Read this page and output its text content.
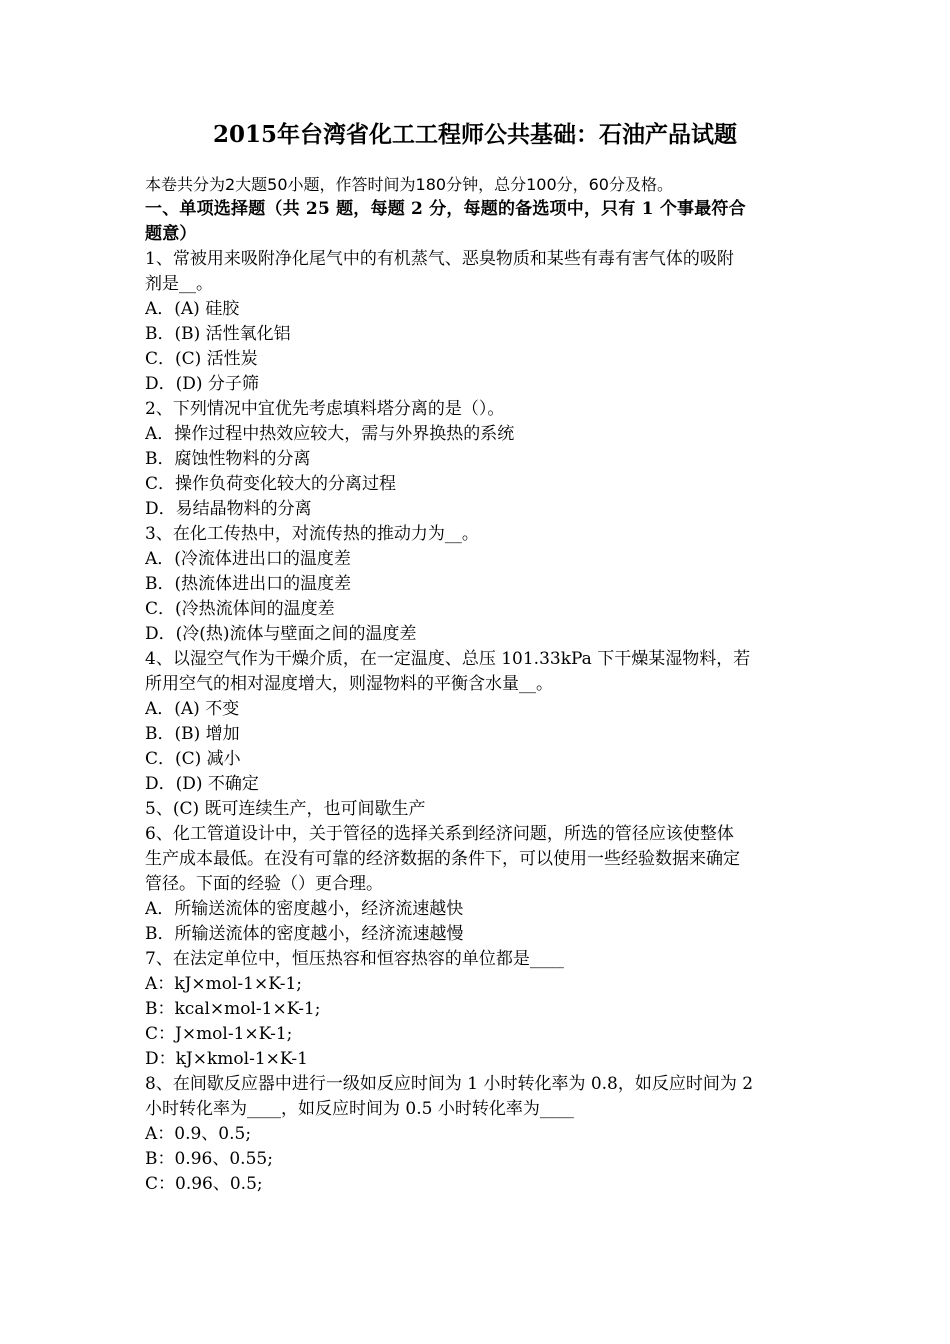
2015年台湾省化工工程师公共基础：石油产品试题
本卷共分为2大题50小题，作答时间为180分钟，总分100分，60分及格。
一、单项选择题（共 25 题，每题 2 分，每题的备选项中，只有 1 个事最符合
题意）
1、常被用来吸附净化尾气中的有机蒸气、恶臭物质和某些有毒有害气体的吸附
剂是__。
A．(A) 硅胶
B．(B) 活性氧化铝
C．(C) 活性炭
D．(D) 分子筛
2、下列情况中宜优先考虑填料塔分离的是（）。
A．操作过程中热效应较大，需与外界换热的系统
B．腐蚀性物料的分离
C．操作负荷变化较大的分离过程
D．易结晶物料的分离
3、在化工传热中，对流传热的推动力为__。
A．(冷流体进出口的温度差
B．(热流体进出口的温度差
C．(冷热流体间的温度差
D．(冷(热)流体与壁面之间的温度差
4、以湿空气作为干燥介质，在一定温度、总压 101.33kPa 下干燥某湿物料，若
所用空气的相对湿度增大，则湿物料的平衡含水量__。
A．(A) 不变
B．(B) 增加
C．(C) 减小
D．(D) 不确定
5、(C) 既可连续生产，也可间歇生产
6、化工管道设计中，关于管径的选择关系到经济问题，所选的管径应该使整体
生产成本最低。在没有可靠的经济数据的条件下，可以使用一些经验数据来确定
管径。下面的经验（）更合理。
A．所输送流体的密度越小，经济流速越快
B．所输送流体的密度越小，经济流速越慢
7、在法定单位中，恒压热容和恒容热容的单位都是____
A：kJ×mol-1×K-1;
B：kcal×mol-1×K-1;
C：J×mol-1×K-1;
D：kJ×kmol-1×K-1
8、在间歇反应器中进行一级如反应时间为 1 小时转化率为 0.8，如反应时间为 2
小时转化率为____，如反应时间为 0.5 小时转化率为____
A：0.9、0.5;
B：0.96、0.55;
C：0.96、0.5;
